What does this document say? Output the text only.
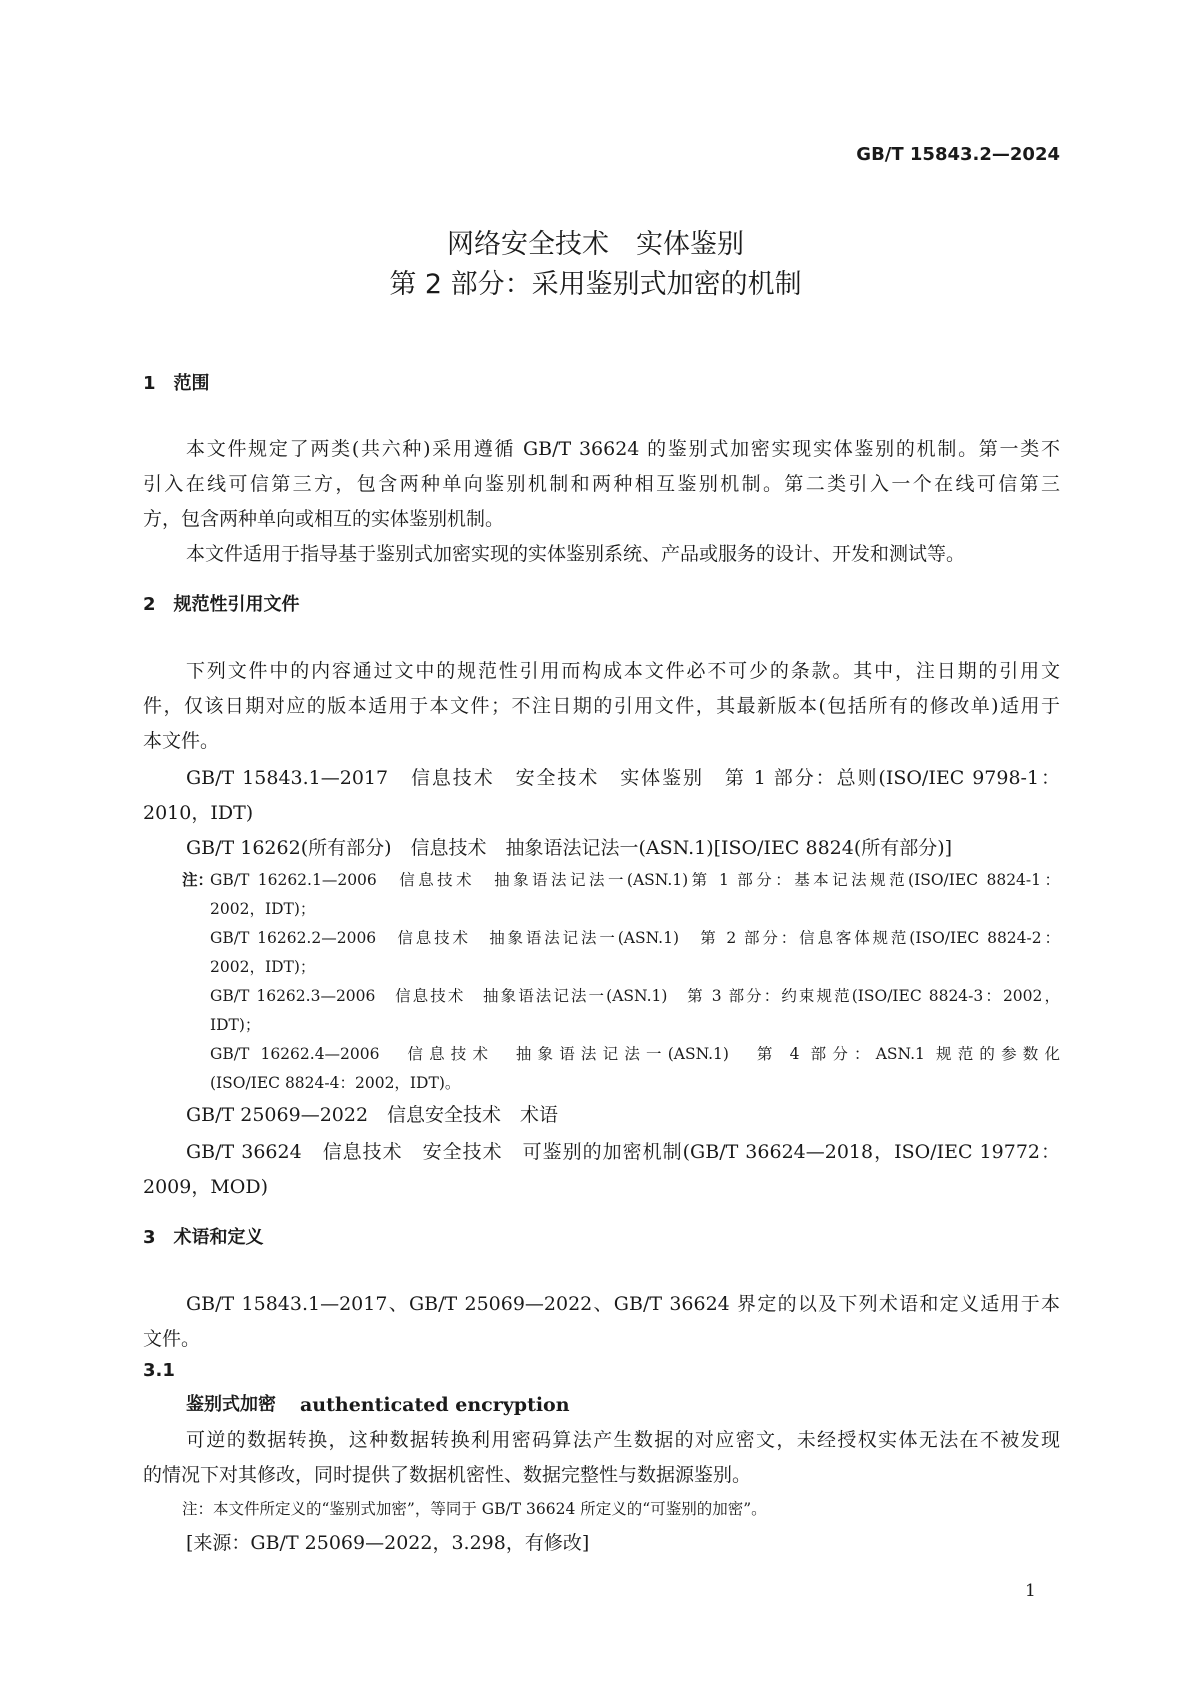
GB/T 15843.2—2024
网络安全技术　实体鉴别
第 2 部分：采用鉴别式加密的机制
1　范围
本文件规定了两类(共六种)采用遵循 GB/T 36624 的鉴别式加密实现实体鉴别的机制。第一类不
引入在线可信第三方，包含两种单向鉴别机制和两种相互鉴别机制。第二类引入一个在线可信第三
方，包含两种单向或相互的实体鉴别机制。
本文件适用于指导基于鉴别式加密实现的实体鉴别系统、产品或服务的设计、开发和测试等。
2　规范性引用文件
下列文件中的内容通过文中的规范性引用而构成本文件必不可少的条款。其中，注日期的引用文
件，仅该日期对应的版本适用于本文件；不注日期的引用文件，其最新版本(包括所有的修改单)适用于
本文件。
GB/T 15843.1—2017　信息技术　安全技术　实体鉴别　第 1 部分：总则(ISO/IEC 9798-1：
2010，IDT)
GB/T 16262(所有部分)　信息技术　抽象语法记法一(ASN.1)[ISO/IEC 8824(所有部分)]
注：
GB/T 16262.1—2006　信息技术　抽象语法记法一(ASN.1)第 1 部分：基本记法规范(ISO/IEC 8824-1：
2002，IDT)；
GB/T 16262.2—2006　信息技术　抽象语法记法一(ASN.1)　第 2 部分：信息客体规范(ISO/IEC 8824-2：
2002，IDT)；
GB/T 16262.3—2006　信息技术　抽象语法记法一(ASN.1)　第 3 部分：约束规范(ISO/IEC 8824-3：2002，
IDT)；
GB/T 16262.4—2006　信息技术　抽象语法记法一(ASN.1)　第 4 部分：ASN.1 规范的参数化
(ISO/IEC 8824-4：2002，IDT)。
GB/T 25069—2022　信息安全技术　术语
GB/T 36624　信息技术　安全技术　可鉴别的加密机制(GB/T 36624—2018，ISO/IEC 19772：
2009，MOD)
3　术语和定义
GB/T 15843.1—2017、GB/T 25069—2022、GB/T 36624 界定的以及下列术语和定义适用于本
文件。
3.1
鉴别式加密 authenticated encryption
可逆的数据转换，这种数据转换利用密码算法产生数据的对应密文，未经授权实体无法在不被发现
的情况下对其修改，同时提供了数据机密性、数据完整性与数据源鉴别。
注：本文件所定义的“鉴别式加密”，等同于 GB/T 36624 所定义的“可鉴别的加密”。
[来源：GB/T 25069—2022，3.298，有修改]
1
